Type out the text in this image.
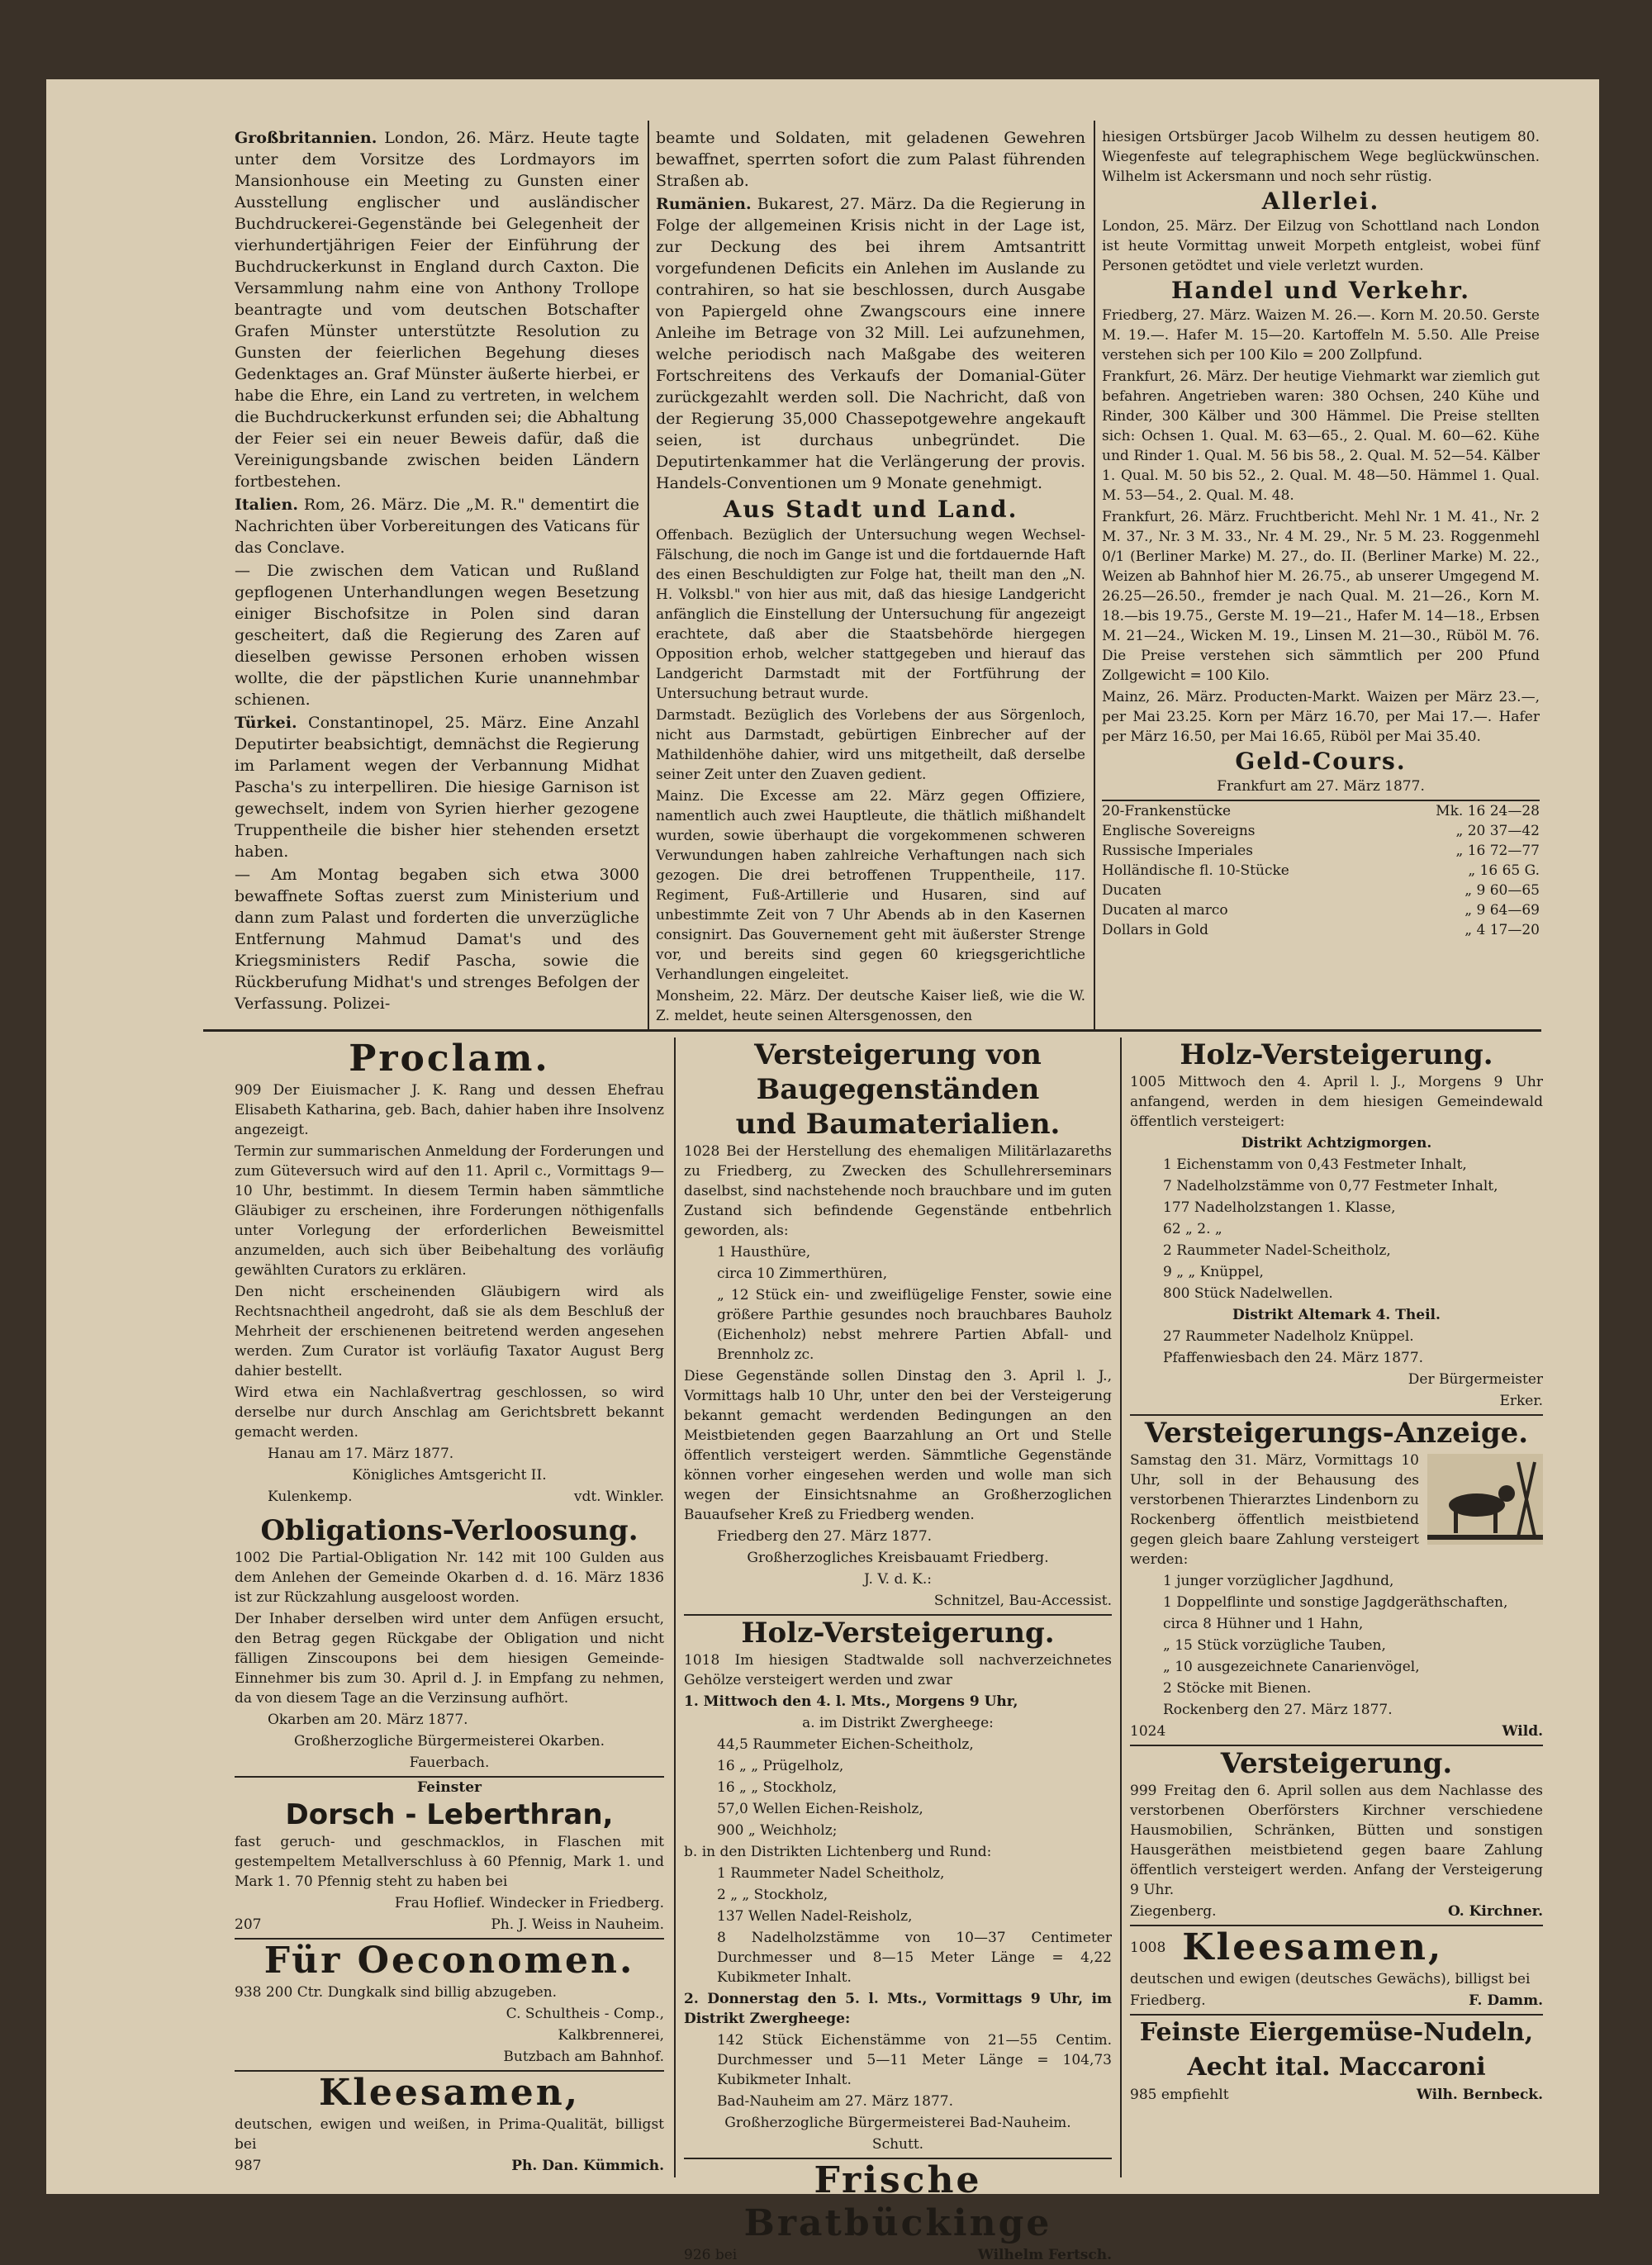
Großbritannien. London, 26. März. Heute tagte unter dem Vorsitze des Lordmayors im Mansionhouse ein Meeting zu Gunsten einer Ausstellung englischer und ausländischer Buchdruckerei-Gegenstände bei Gelegenheit der vierhundertjährigen Feier der Einführung der Buchdruckerkunst in England durch Caxton. Die Versammlung nahm eine von Anthony Trollope beantragte und vom deutschen Botschafter Grafen Münster unterstützte Resolution zu Gunsten der feierlichen Begehung dieses Gedenktages an. Graf Münster äußerte hierbei, er habe die Ehre, ein Land zu vertreten, in welchem die Buchdruckerkunst erfunden sei; die Abhaltung der Feier sei ein neuer Beweis dafür, daß die Vereinigungsbande zwischen beiden Ländern fortbestehen.

Italien. Rom, 26. März. Die „M. R." dementirt die Nachrichten über Vorbereitungen des Vaticans für das Conclave.

— Die zwischen dem Vatican und Rußland gepflogenen Unterhandlungen wegen Besetzung einiger Bischofsitze in Polen sind daran gescheitert, daß die Regierung des Zaren auf dieselben gewisse Personen erhoben wissen wollte, die der päpstlichen Kurie unannehmbar schienen.

Türkei. Constantinopel, 25. März. Eine Anzahl Deputirter beabsichtigt, demnächst die Regierung im Parlament wegen der Verbannung Midhat Pascha's zu interpelliren. Die hiesige Garnison ist gewechselt, indem von Syrien hierher gezogene Truppentheile die bisher hier stehenden ersetzt haben.

— Am Montag begaben sich etwa 3000 bewaffnete Softas zuerst zum Ministerium und dann zum Palast und forderten die unverzügliche Entfernung Mahmud Damat's und des Kriegsministers Redif Pascha, sowie die Rückberufung Midhat's und strenges Befolgen der Verfassung. Polizei-

beamte und Soldaten, mit geladenen Gewehren bewaffnet, sperrten sofort die zum Palast führenden Straßen ab.

Rumänien. Bukarest, 27. März. Da die Regierung in Folge der allgemeinen Krisis nicht in der Lage ist, zur Deckung des bei ihrem Amtsantritt vorgefundenen Deficits ein Anlehen im Auslande zu contrahiren, so hat sie beschlossen, durch Ausgabe von Papiergeld ohne Zwangscours eine innere Anleihe im Betrage von 32 Mill. Lei aufzunehmen, welche periodisch nach Maßgabe des weiteren Fortschreitens des Verkaufs der Domanial-Güter zurückgezahlt werden soll. Die Nachricht, daß von der Regierung 35,000 Chassepotgewehre angekauft seien, ist durchaus unbegründet. Die Deputirtenkammer hat die Verlängerung der provis. Handels-Conventionen um 9 Monate genehmigt.

Aus Stadt und Land.

Offenbach. Bezüglich der Untersuchung wegen Wechsel-Fälschung, die noch im Gange ist und die fortdauernde Haft des einen Beschuldigten zur Folge hat, theilt man den „N. H. Volksbl." von hier aus mit, daß das hiesige Landgericht anfänglich die Einstellung der Untersuchung für angezeigt erachtete, daß aber die Staatsbehörde hiergegen Opposition erhob, welcher stattgegeben und hierauf das Landgericht Darmstadt mit der Fortführung der Untersuchung betraut wurde.

Darmstadt. Bezüglich des Vorlebens der aus Sörgenloch, nicht aus Darmstadt, gebürtigen Einbrecher auf der Mathildenhöhe dahier, wird uns mitgetheilt, daß derselbe seiner Zeit unter den Zuaven gedient.

Mainz. Die Excesse am 22. März gegen Offiziere, namentlich auch zwei Hauptleute, die thätlich mißhandelt wurden, sowie überhaupt die vorgekommenen schweren Verwundungen haben zahlreiche Verhaftungen nach sich gezogen. Die drei betroffenen Truppentheile, 117. Regiment, Fuß-Artillerie und Husaren, sind auf unbestimmte Zeit von 7 Uhr Abends ab in den Kasernen consignirt. Das Gouvernement geht mit äußerster Strenge vor, und bereits sind gegen 60 kriegsgerichtliche Verhandlungen eingeleitet.

Monsheim, 22. März. Der deutsche Kaiser ließ, wie die W. Z. meldet, heute seinen Altersgenossen, den

hiesigen Ortsbürger Jacob Wilhelm zu dessen heutigem 80. Wiegenfeste auf telegraphischem Wege beglückwünschen. Wilhelm ist Ackersmann und noch sehr rüstig.

Allerlei.

London, 25. März. Der Eilzug von Schottland nach London ist heute Vormittag unweit Morpeth entgleist, wobei fünf Personen getödtet und viele verletzt wurden.

Handel und Verkehr.

Friedberg, 27. März. Waizen M. 26.—. Korn M. 20.50. Gerste M. 19.—. Hafer M. 15—20. Kartoffeln M. 5.50. Alle Preise verstehen sich per 100 Kilo = 200 Zollpfund.

Frankfurt, 26. März. Der heutige Viehmarkt war ziemlich gut befahren. Angetrieben waren: 380 Ochsen, 240 Kühe und Rinder, 300 Kälber und 300 Hämmel. Die Preise stellten sich: Ochsen 1. Qual. M. 63—65., 2. Qual. M. 60—62. Kühe und Rinder 1. Qual. M. 56 bis 58., 2. Qual. M. 52—54. Kälber 1. Qual. M. 50 bis 52., 2. Qual. M. 48—50. Hämmel 1. Qual. M. 53—54., 2. Qual. M. 48.

Frankfurt, 26. März. Fruchtbericht. Mehl Nr. 1 M. 41., Nr. 2 M. 37., Nr. 3 M. 33., Nr. 4 M. 29., Nr. 5 M. 23. Roggenmehl 0/1 (Berliner Marke) M. 27., do. II. (Berliner Marke) M. 22., Weizen ab Bahnhof hier M. 26.75., ab unserer Umgegend M. 26.25—26.50., fremder je nach Qual. M. 21—26., Korn M. 18.—bis 19.75., Gerste M. 19—21., Hafer M. 14—18., Erbsen M. 21—24., Wicken M. 19., Linsen M. 21—30., Rüböl M. 76. Die Preise verstehen sich sämmtlich per 200 Pfund Zollgewicht = 100 Kilo.

Mainz, 26. März. Producten-Markt. Waizen per März 23.—, per Mai 23.25. Korn per März 16.70, per Mai 17.—. Hafer per März 16.50, per Mai 16.65, Rüböl per Mai 35.40.

Geld-Cours.
Frankfurt am 27. März 1877.
20-Frankenstücke	Mk. 16 24—28
Englische Sovereigns	„ 20 37—42
Russische Imperiales	„ 16 72—77
Holländische fl. 10-Stücke	„ 16 65 G.
Ducaten	„ 9 60—65
Ducaten al marco	„ 9 64—69
Dollars in Gold	„ 4 17—20
Proclam.

909 Der Eiuismacher J. K. Rang und dessen Ehefrau Elisabeth Katharina, geb. Bach, dahier haben ihre Insolvenz angezeigt.

Termin zur summarischen Anmeldung der Forderungen und zum Güteversuch wird auf den 11. April c., Vormittags 9—10 Uhr, bestimmt. In diesem Termin haben sämmtliche Gläubiger zu erscheinen, ihre Forderungen nöthigenfalls unter Vorlegung der erforderlichen Beweismittel anzumelden, auch sich über Beibehaltung des vorläufig gewählten Curators zu erklären.

Den nicht erscheinenden Gläubigern wird als Rechtsnachtheil angedroht, daß sie als dem Beschluß der Mehrheit der erschienenen beitretend werden angesehen werden. Zum Curator ist vorläufig Taxator August Berg dahier bestellt.

Wird etwa ein Nachlaßvertrag geschlossen, so wird derselbe nur durch Anschlag am Gerichtsbrett bekannt gemacht werden.

Hanau am 17. März 1877.

Königliches Amtsgericht II.

Kulenkemp.	vdt. Winkler.
Obligations-Verloosung.

1002 Die Partial-Obligation Nr. 142 mit 100 Gulden aus dem Anlehen der Gemeinde Okarben d. d. 16. März 1836 ist zur Rückzahlung ausgeloost worden.

Der Inhaber derselben wird unter dem Anfügen ersucht, den Betrag gegen Rückgabe der Obligation und nicht fälligen Zinscoupons bei dem hiesigen Gemeinde-Einnehmer bis zum 30. April d. J. in Empfang zu nehmen, da von diesem Tage an die Verzinsung aufhört.

Okarben am 20. März 1877.

Großherzogliche Bürgermeisterei Okarben.

Fauerbach.

Feinster
Dorsch - Leberthran,

fast geruch- und geschmacklos, in Flaschen mit gestempeltem Metallverschluss à 60 Pfennig, Mark 1. und Mark 1. 70 Pfennig steht zu haben bei

Frau Hoflief. Windecker in Friedberg.

207	Ph. J. Weiss in Nauheim.
Für Oeconomen.

938 200 Ctr. Dungkalk sind billig abzugeben.

C. Schultheis - Comp.,

Kalkbrennerei,

Butzbach am Bahnhof.

Kleesamen,

deutschen, ewigen und weißen, in Prima-Qualität, billigst bei

987	Ph. Dan. Kümmich.
Versteigerung von Baugegenständen
und Baumaterialien.

1028 Bei der Herstellung des ehemaligen Militärlazareths zu Friedberg, zu Zwecken des Schullehrerseminars daselbst, sind nachstehende noch brauchbare und im guten Zustand sich befindende Gegenstände entbehrlich geworden, als:

1 Hausthüre,

circa 10 Zimmerthüren,

„ 12 Stück ein- und zweiflügelige Fenster, sowie eine größere Parthie gesundes noch brauchbares Bauholz (Eichenholz) nebst mehrere Partien Abfall- und Brennholz zc.

Diese Gegenstände sollen Dinstag den 3. April l. J., Vormittags halb 10 Uhr, unter den bei der Versteigerung bekannt gemacht werdenden Bedingungen an den Meistbietenden gegen Baarzahlung an Ort und Stelle öffentlich versteigert werden. Sämmtliche Gegenstände können vorher eingesehen werden und wolle man sich wegen der Einsichtsnahme an Großherzoglichen Bauaufseher Kreß zu Friedberg wenden.

Friedberg den 27. März 1877.

Großherzogliches Kreisbauamt Friedberg.

J. V. d. K.:

Schnitzel, Bau-Accessist.

Holz-Versteigerung.

1018 Im hiesigen Stadtwalde soll nachverzeichnetes Gehölze versteigert werden und zwar

1. Mittwoch den 4. l. Mts., Morgens 9 Uhr,

a. im Distrikt Zwergheege:

44,5 Raummeter Eichen-Scheitholz,

16 „ „ Prügelholz,

16 „ „ Stockholz,

57,0 Wellen Eichen-Reisholz,

900 „ Weichholz;

b. in den Distrikten Lichtenberg und Rund:

1 Raummeter Nadel Scheitholz,

2 „ „ Stockholz,

137 Wellen Nadel-Reisholz,

8 Nadelholzstämme von 10—37 Centimeter Durchmesser und 8—15 Meter Länge = 4,22 Kubikmeter Inhalt.

2. Donnerstag den 5. l. Mts., Vormittags 9 Uhr, im Distrikt Zwergheege:

142 Stück Eichenstämme von 21—55 Centim. Durchmesser und 5—11 Meter Länge = 104,73 Kubikmeter Inhalt.

Bad-Nauheim am 27. März 1877.

Großherzogliche Bürgermeisterei Bad-Nauheim.

Schutt.

Frische Bratbückinge
926 bei	Wilhelm Fertsch.
Holz-Versteigerung.

1005 Mittwoch den 4. April l. J., Morgens 9 Uhr anfangend, werden in dem hiesigen Gemeindewald öffentlich versteigert:

Distrikt Achtzigmorgen.

1 Eichenstamm von 0,43 Festmeter Inhalt,

7 Nadelholzstämme von 0,77 Festmeter Inhalt,

177 Nadelholzstangen 1. Klasse,

62 „ 2. „

2 Raummeter Nadel-Scheitholz,

9 „ „ Knüppel,

800 Stück Nadelwellen.

Distrikt Altemark 4. Theil.

27 Raummeter Nadelholz Knüppel.

Pfaffenwiesbach den 24. März 1877.

Der Bürgermeister

Erker.

Versteigerungs-Anzeige.

Samstag den 31. März, Vormittags 10 Uhr, soll in der Behausung des verstorbenen Thierarztes Lindenborn zu Rockenberg öffentlich meistbietend gegen gleich baare Zahlung versteigert werden:

1 junger vorzüglicher Jagdhund,

1 Doppelflinte und sonstige Jagdgeräthschaften,

circa 8 Hühner und 1 Hahn,

„ 15 Stück vorzügliche Tauben,

„ 10 ausgezeichnete Canarienvögel,

2 Stöcke mit Bienen.

Rockenberg den 27. März 1877.

1024	Wild.
Versteigerung.

999 Freitag den 6. April sollen aus dem Nachlasse des verstorbenen Oberförsters Kirchner verschiedene Hausmobilien, Schränken, Bütten und sonstigen Hausgeräthen meistbietend gegen baare Zahlung öffentlich versteigert werden. Anfang der Versteigerung 9 Uhr.

Ziegenberg.	O. Kirchner.
1008 Kleesamen,

deutschen und ewigen (deutsches Gewächs), billigst bei

Friedberg.	F. Damm.
Feinste Eiergemüse-Nudeln,
Aecht ital. Maccaroni
985 empfiehlt	Wilh. Bernbeck.
